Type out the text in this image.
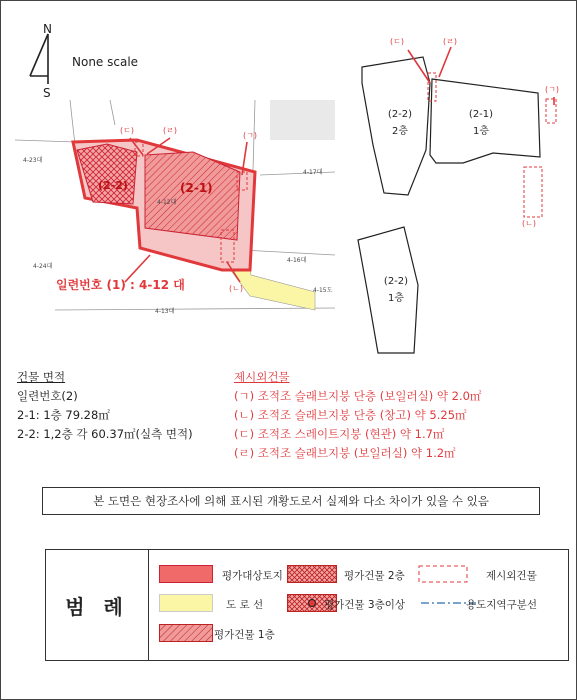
N
S
None scale
4-23대
4-24대
4-13대
4-12대
4-17대
4-16대
4-15도
(2-2)	(2-1)
(ㄷ)	(ㄹ)
(ㄱ)
(ㄴ)
일련번호 (1) : 4-12 대
(2-2)
2층
(2-1)
1층
(2-2)
1층
(ㄷ)	(ㄹ)
(ㄱ)
(ㄴ)
건물 면적
일련번호(2)
2-1: 1층 79.28㎡
2-2: 1,2층 각 60.37㎡(실측 면적)
제시외건물
(ㄱ) 조적조 슬래브지붕 단층 (보일러실) 약 2.0㎡
(ㄴ) 조적조 슬래브지붕 단층 (창고) 약 5.25㎡
(ㄷ) 조적조 스레이트지붕 (현관) 약 1.7㎡
(ㄹ) 조적조 슬래브지붕 (보일러실) 약 1.2㎡
본 도면은 현장조사에 의해 표시된 개황도로서 실제와 다소 차이가 있을 수 있음
범 례
평가대상토지	평가건물 2층	제시외건물
도 로 선	평가건물 3층이상	용도지역구분선
평가건물 1층
